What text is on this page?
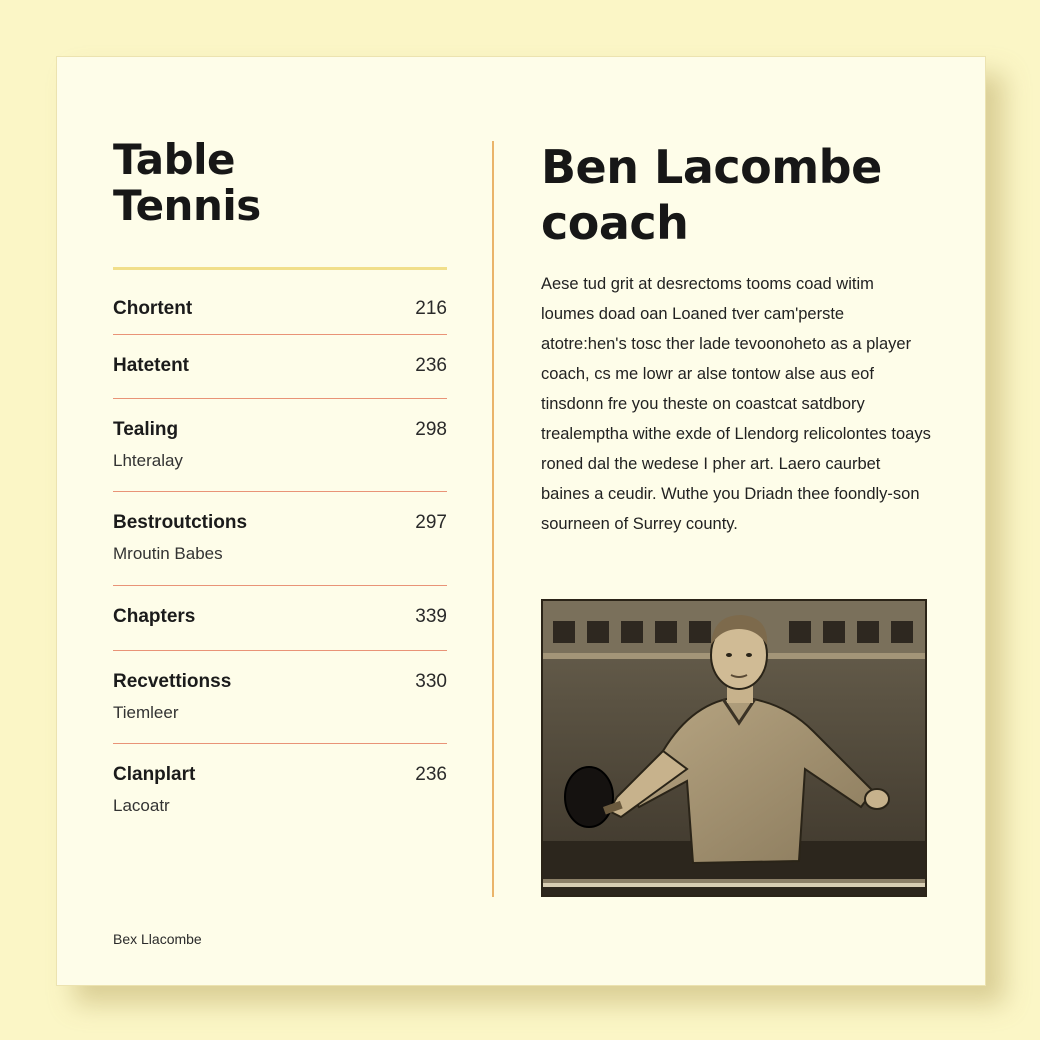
Table
Tennis
Chortent	216
Hatetent	236
Tealing	298
Lhteralay
Bestroutctions	297
Mroutin Babes
Chapters	339
Recvettionss	330
Tiemleer
Clanplart	236
Lacoatr
Ben Lacombe
coach

Aese tud grit at desrectoms tooms coad witim loumes doad oan Loaned tver cam'perste atotre:hen's tosc ther lade tevoonoheto as a player coach, cs me lowr ar alse tontow alse aus eof tinsdonn fre you theste on coastcat satdbory trealemptha withe exde of Llendorg relicolontes toays roned dal the wedese I pher art. Laero caurbet baines a ceudir. Wuthe you Driadn thee foondly-son sourneen of Surrey county.

Bex Llacombe
